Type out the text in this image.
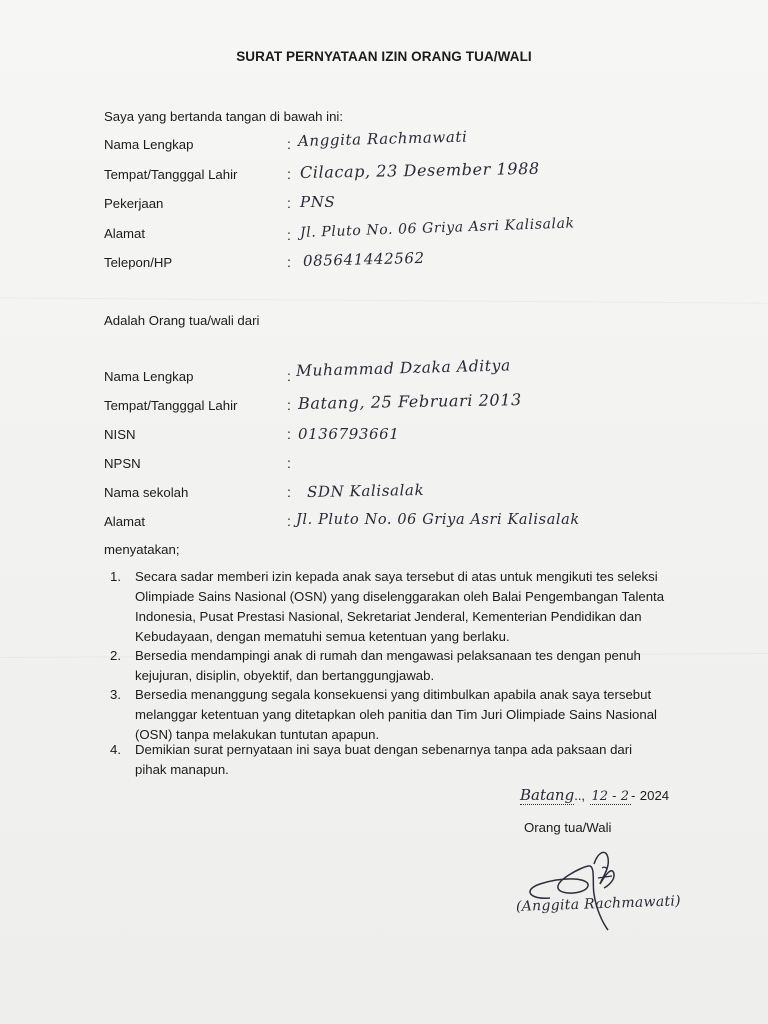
SURAT PERNYATAAN IZIN ORANG TUA/WALI
Saya yang bertanda tangan di bawah ini:
Nama Lengkap	: Anggita Rachmawati
Tempat/Tangggal Lahir	: Cilacap, 23 Desember 1988
Pekerjaan	: PNS
Alamat	: Jl. Pluto No. 06 Griya Asri Kalisalak
Telepon/HP	: 085641442562
Adalah Orang tua/wali dari
Nama Lengkap	: Muhammad Dzaka Aditya
Tempat/Tangggal Lahir	: Batang, 25 Februari 2013
NISN	: 0136793661
NPSN	:
Nama sekolah	: SDN Kalisalak
Alamat	: Jl. Pluto No. 06 Griya Asri Kalisalak
menyatakan;
1. Secara sadar memberi izin kepada anak saya tersebut di atas untuk mengikuti tes seleksi
Olimpiade Sains Nasional (OSN) yang diselenggarakan oleh Balai Pengembangan Talenta
Indonesia, Pusat Prestasi Nasional, Sekretariat Jenderal, Kementerian Pendidikan dan
Kebudayaan, dengan mematuhi semua ketentuan yang berlaku.
2. Bersedia mendampingi anak di rumah dan mengawasi pelaksanaan tes dengan penuh
kejujuran, disiplin, obyektif, dan bertanggungjawab.
3. Bersedia menanggung segala konsekuensi yang ditimbulkan apabila anak saya tersebut
melanggar ketentuan yang ditetapkan oleh panitia dan Tim Juri Olimpiade Sains Nasional
(OSN) tanpa melakukan tuntutan apapun.
4. Demikian surat pernyataan ini saya buat dengan sebenarnya tanpa ada paksaan dari
pihak manapun.
Batang.., 12 - 2 - 2024
Orang tua/Wali
(Anggita Rachmawati)
